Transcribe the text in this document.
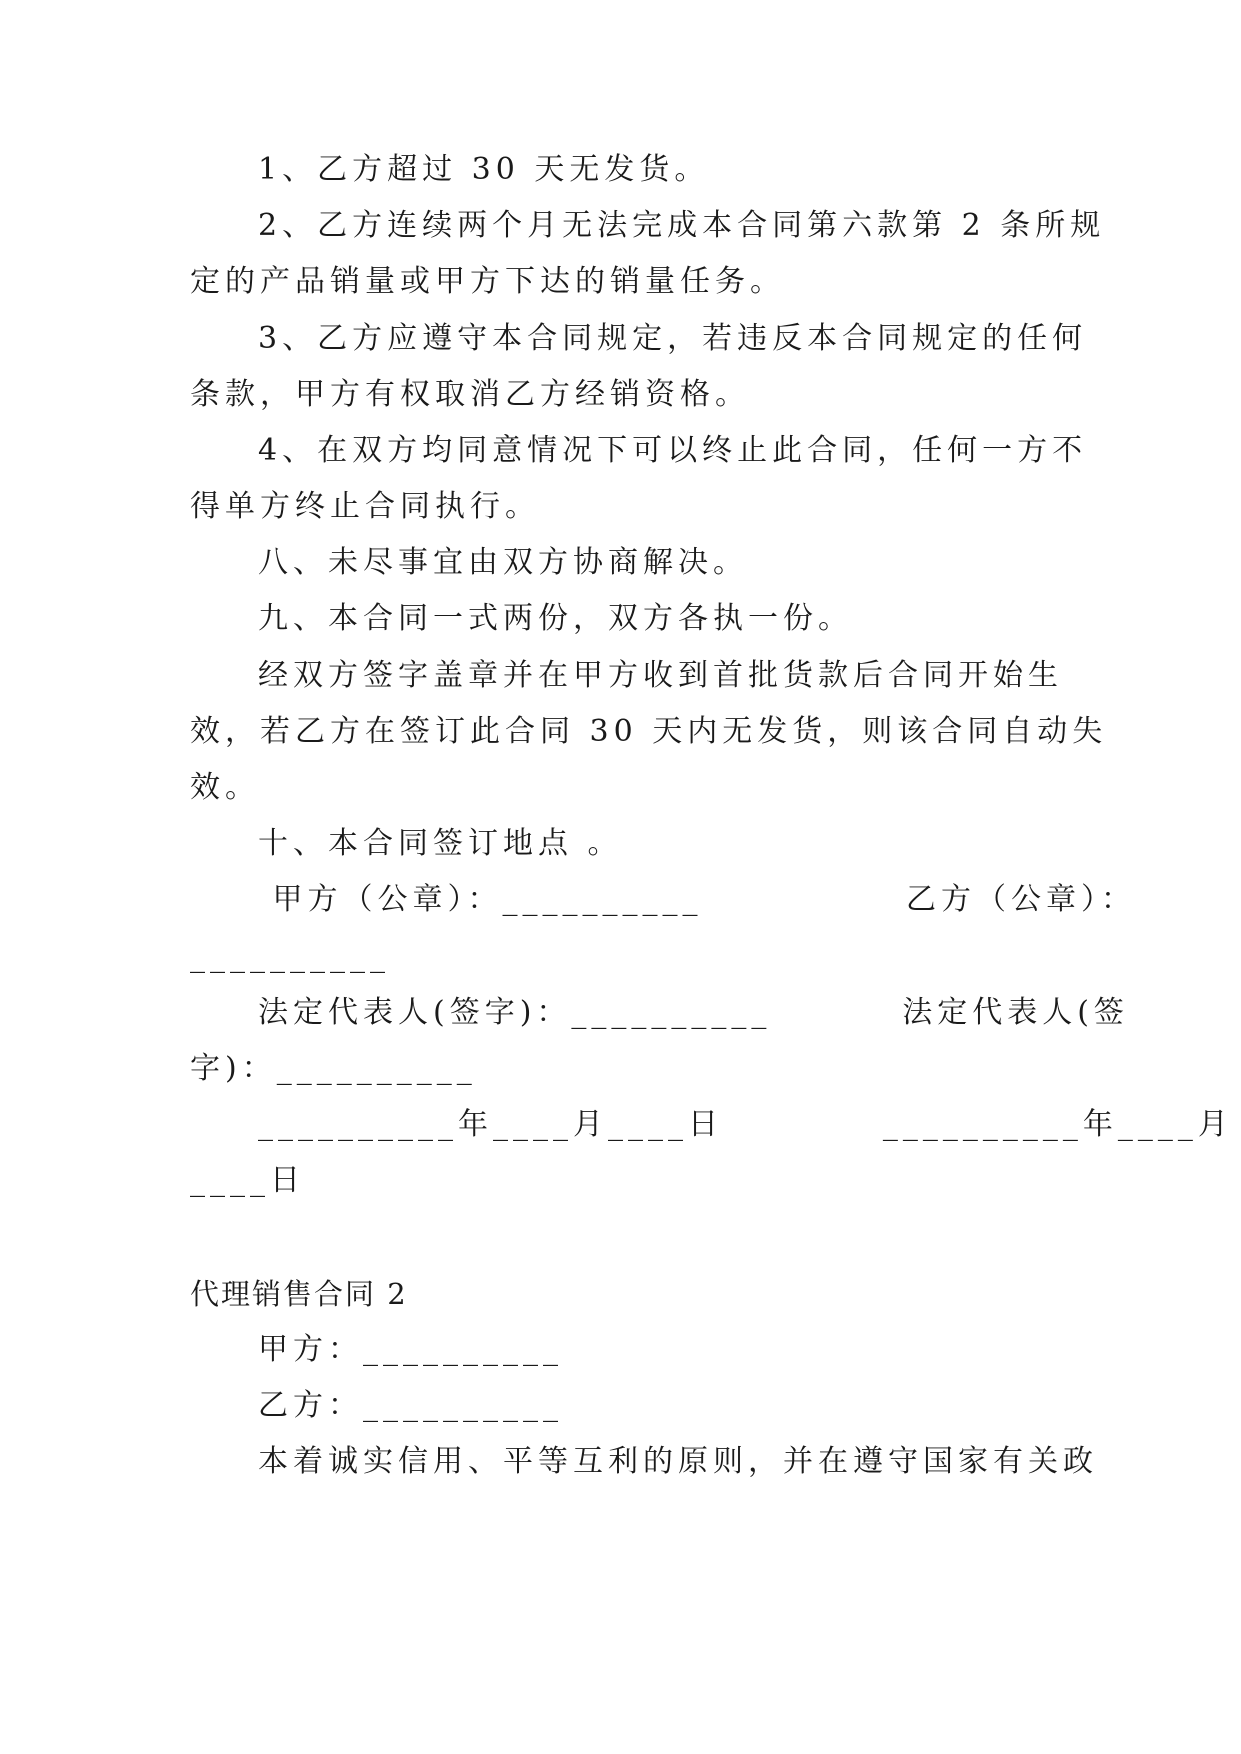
1、乙方超过 30 天无发货。
2、乙方连续两个月无法完成本合同第六款第 2 条所规
定的产品销量或甲方下达的销量任务。
3、乙方应遵守本合同规定，若违反本合同规定的任何
条款，甲方有权取消乙方经销资格。
4、在双方均同意情况下可以终止此合同，任何一方不
得单方终止合同执行。
八、未尽事宜由双方协商解决。
九、本合同一式两份，双方各执一份。
经双方签字盖章并在甲方收到首批货款后合同开始生
效，若乙方在签订此合同 30 天内无发货，则该合同自动失
效。
十、本合同签订地点 。
甲方（公章）：__________              乙方（公章）：
__________
法定代表人(签字)：__________         法定代表人(签
字)：__________
__________年____月____日           __________年____月
____日
代理销售合同 2
甲方：__________
乙方：__________
本着诚实信用、平等互利的原则，并在遵守国家有关政
